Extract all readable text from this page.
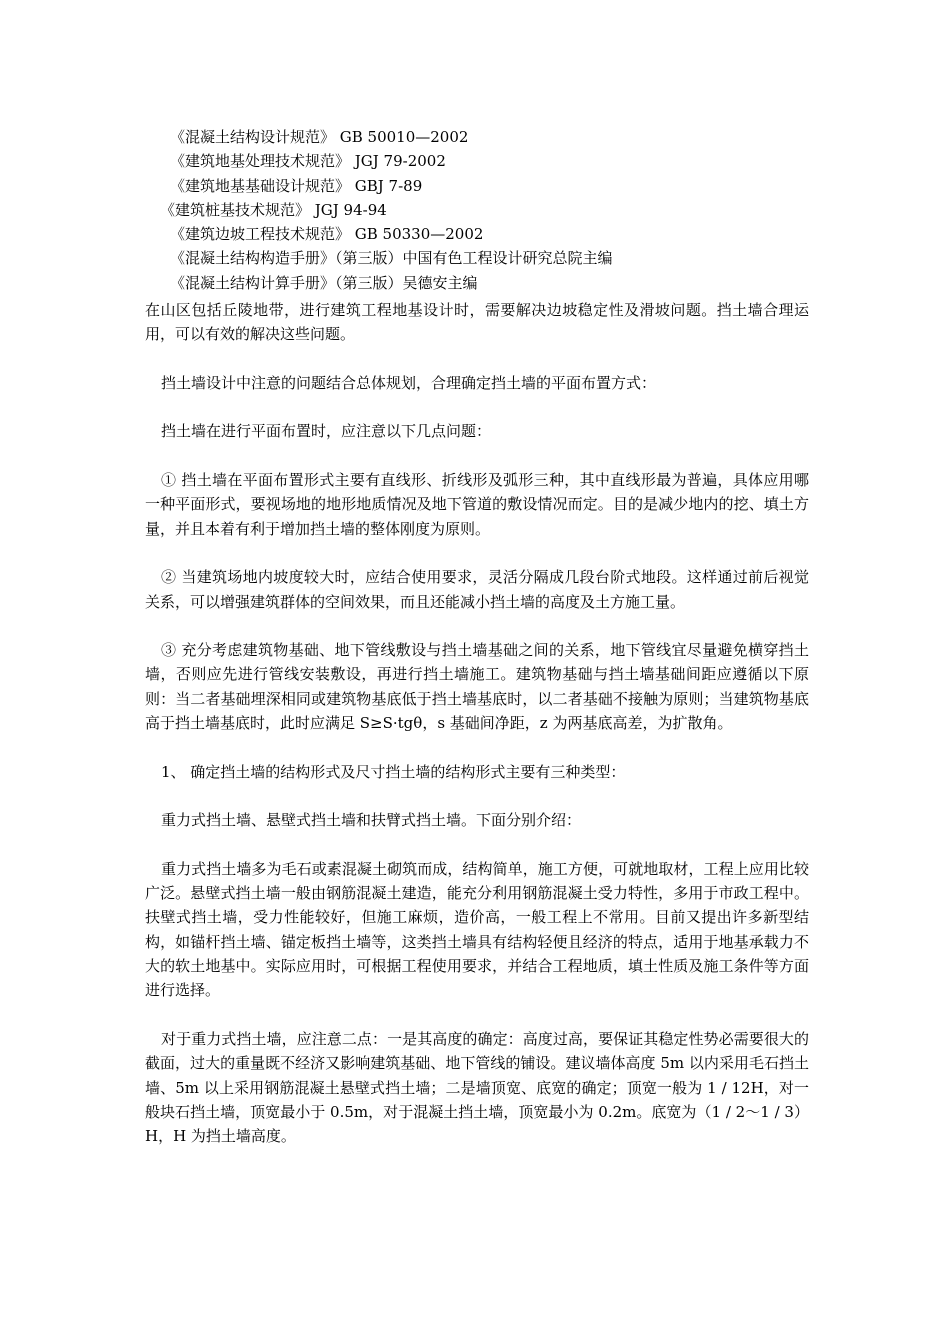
《混凝土结构设计规范》 GB 50010—2002
《建筑地基处理技术规范》 JGJ 79-2002
《建筑地基基础设计规范》 GBJ 7-89
《建筑桩基技术规范》 JGJ 94-94
《建筑边坡工程技术规范》 GB 50330—2002
《混凝土结构构造手册》（第三版）中国有色工程设计研究总院主编
《混凝土结构计算手册》（第三版）吴德安主编

在山区包括丘陵地带，进行建筑工程地基设计时，需要解决边坡稳定性及滑坡问题。挡土墙合理运用，可以有效的解决这些问题。

挡土墙设计中注意的问题结合总体规划，合理确定挡土墙的平面布置方式：

挡土墙在进行平面布置时，应注意以下几点问题：

① 挡土墙在平面布置形式主要有直线形、折线形及弧形三种，其中直线形最为普遍，具体应用哪一种平面形式，要视场地的地形地质情况及地下管道的敷设情况而定。目的是减少地内的挖、填土方量，并且本着有利于增加挡土墙的整体刚度为原则。

② 当建筑场地内坡度较大时，应结合使用要求，灵活分隔成几段台阶式地段。这样通过前后视觉关系，可以增强建筑群体的空间效果，而且还能减小挡土墙的高度及土方施工量。

③ 充分考虑建筑物基础、地下管线敷设与挡土墙基础之间的关系，地下管线宜尽量避免横穿挡土墙，否则应先进行管线安装敷设，再进行挡土墙施工。建筑物基础与挡土墙基础间距应遵循以下原则：当二者基础埋深相同或建筑物基底低于挡土墙基底时，以二者基础不接触为原则；当建筑物基底高于挡土墙基底时，此时应满足 S≥S·tgθ，s 基础间净距，z 为两基底高差，为扩散角。

1、 确定挡土墙的结构形式及尺寸挡土墙的结构形式主要有三种类型：

重力式挡土墙、悬壁式挡土墙和扶臂式挡土墙。下面分别介绍：

重力式挡土墙多为毛石或素混凝土砌筑而成，结构简单，施工方便，可就地取材，工程上应用比较广泛。悬壁式挡土墙一般由钢筋混凝土建造，能充分利用钢筋混凝土受力特性，多用于市政工程中。扶壁式挡土墙，受力性能较好，但施工麻烦，造价高，一般工程上不常用。目前又提出许多新型结构，如锚杆挡土墙、锚定板挡土墙等，这类挡土墙具有结构轻便且经济的特点，适用于地基承载力不大的软土地基中。实际应用时，可根据工程使用要求，并结合工程地质，填土性质及施工条件等方面进行选择。

对于重力式挡土墙，应注意二点：一是其高度的确定：高度过高，要保证其稳定性势必需要很大的截面，过大的重量既不经济又影响建筑基础、地下管线的铺设。建议墙体高度 5m 以内采用毛石挡土墙、5m 以上采用钢筋混凝土悬壁式挡土墙；二是墙顶宽、底宽的确定；顶宽一般为 1 / 12H，对一般块石挡土墙，顶宽最小于 0.5m，对于混凝土挡土墙，顶宽最小为 0.2m。底宽为（1 / 2～1 / 3）H，H 为挡土墙高度。
